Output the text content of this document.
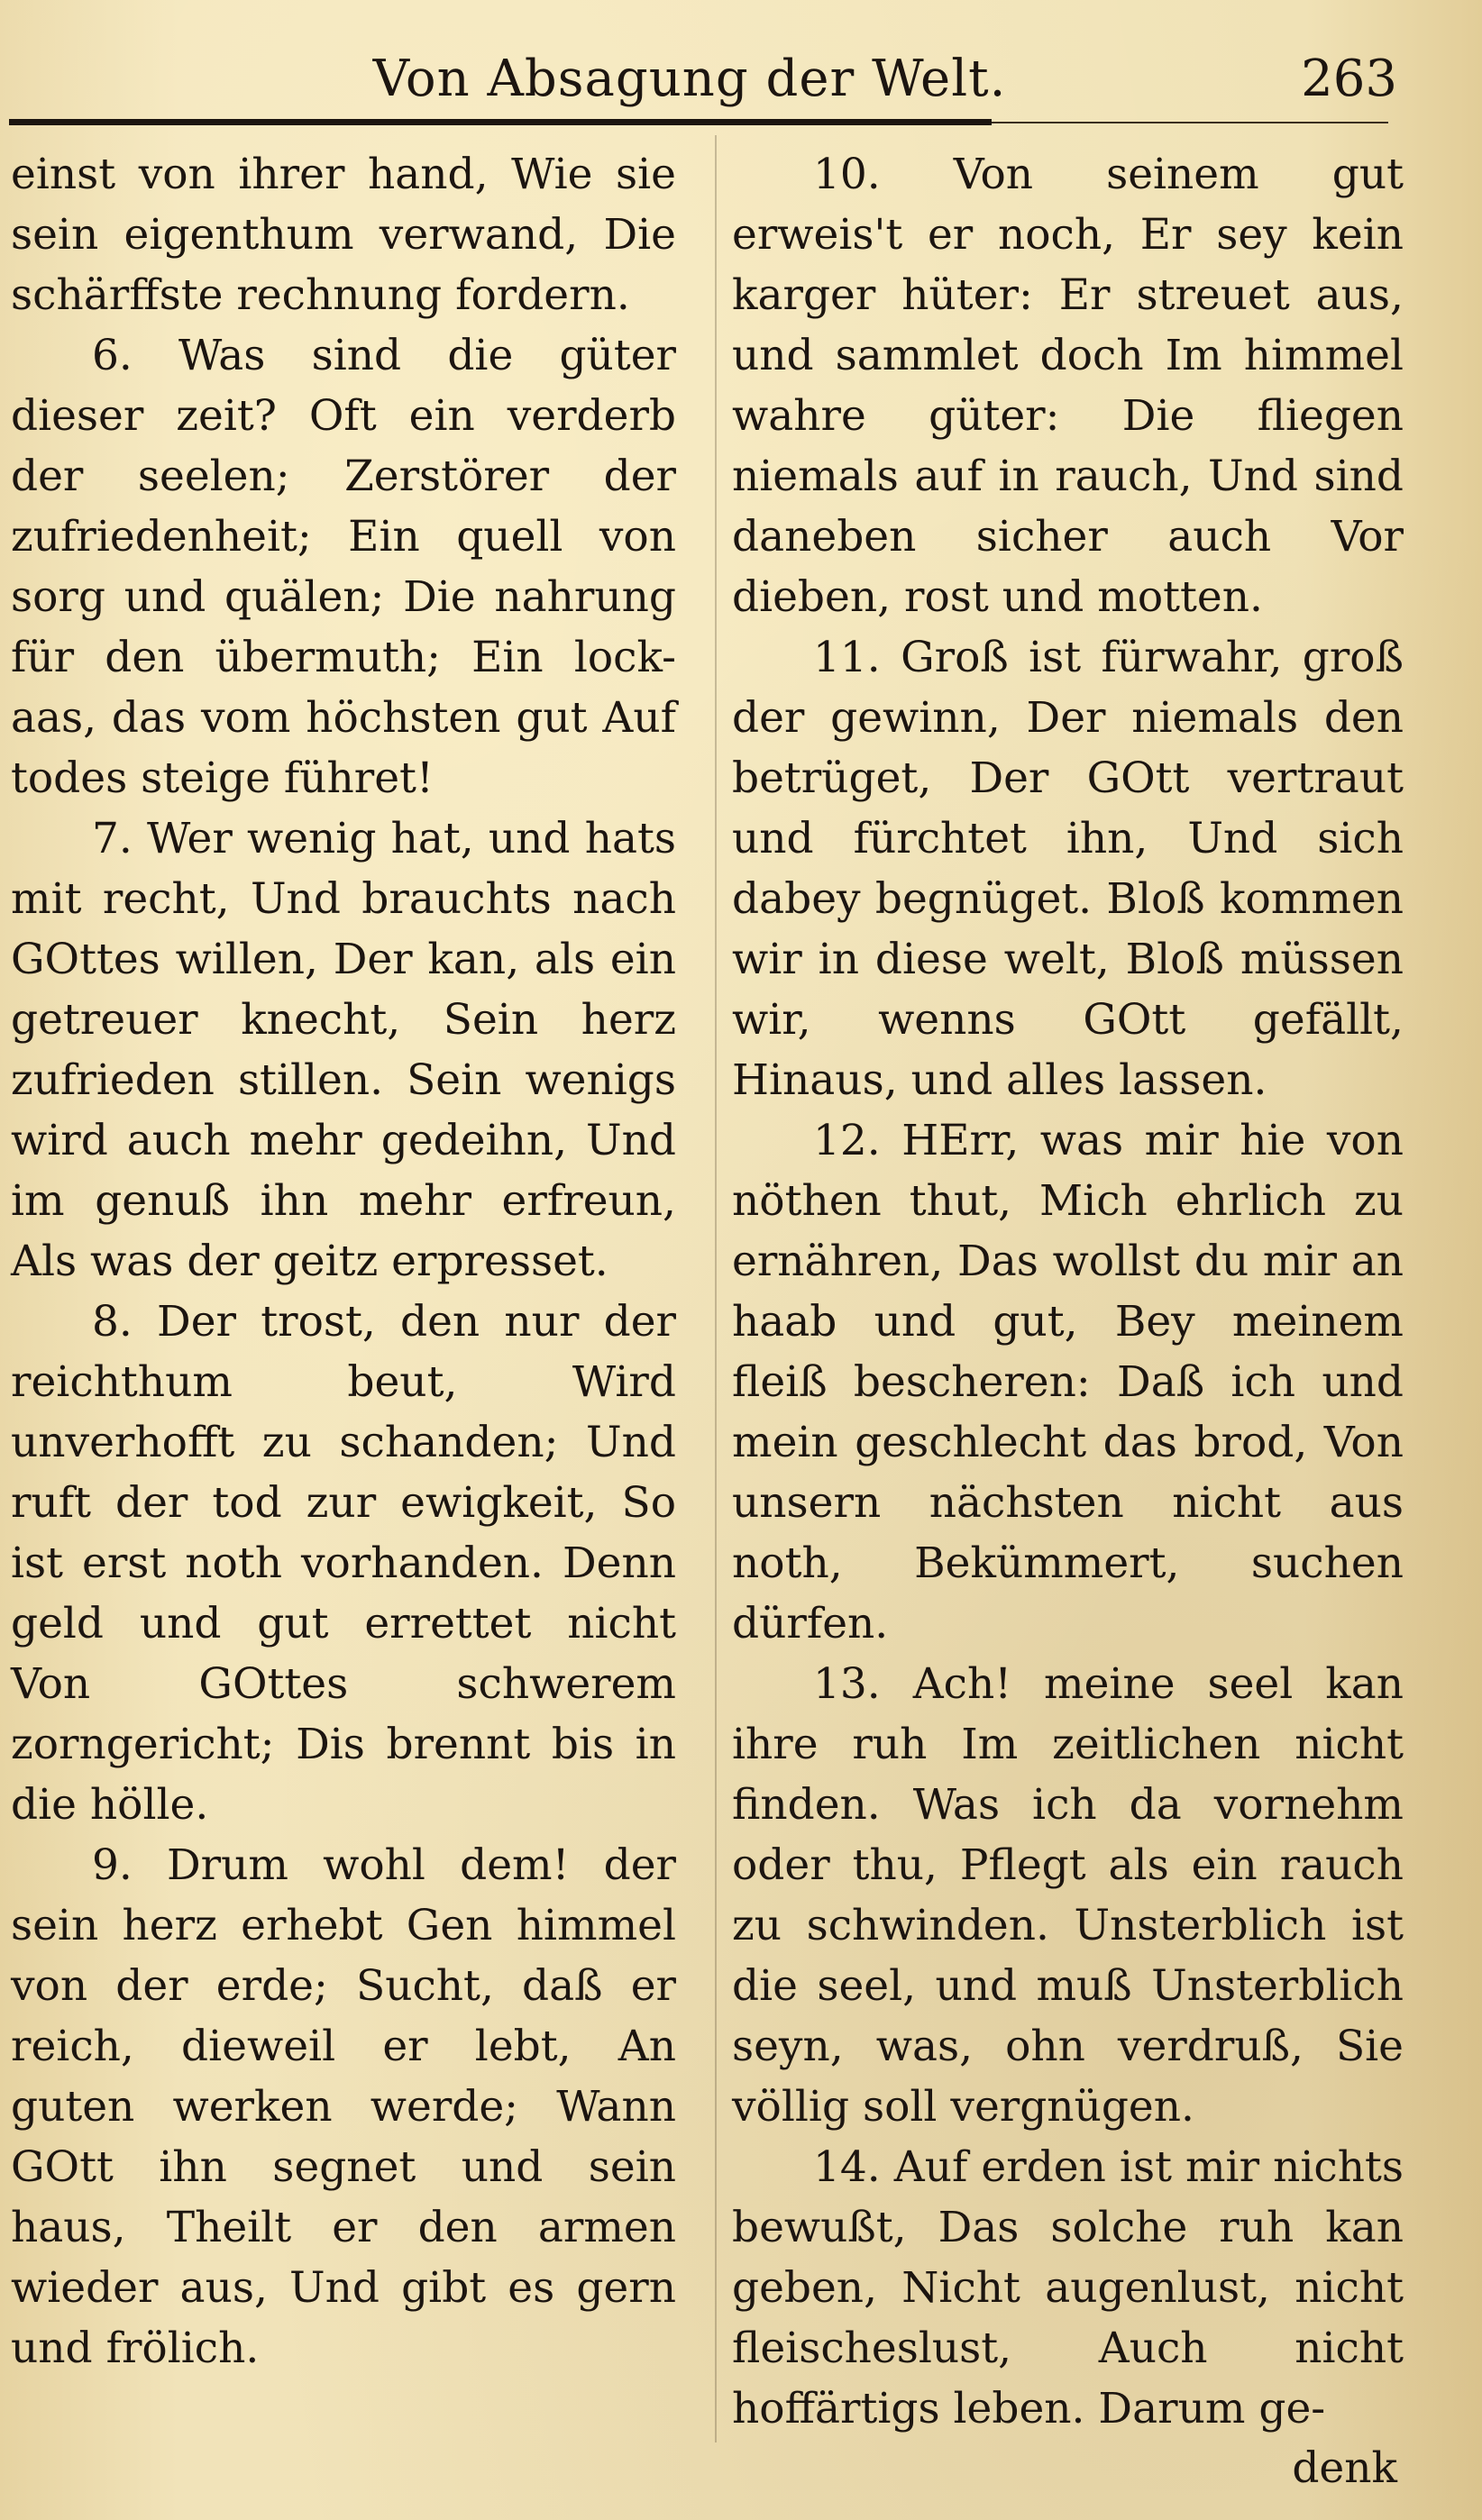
Von Absagung der Welt.	263

einst von ihrer hand, Wie sie sein eigenthum verwand, Die schärffste rechnung fordern.

6. Was sind die güter dieser zeit? Oft ein verderb der seelen; Zerstörer der zufriedenheit; Ein quell von sorg und quälen; Die nahrung für den übermuth; Ein lock-aas, das vom höchsten gut Auf todes steige führet!

7. Wer wenig hat, und hats mit recht, Und brauchts nach GOttes willen, Der kan, als ein getreuer knecht, Sein herz zufrieden stillen. Sein wenigs wird auch mehr gedeihn, Und im genuß ihn mehr erfreun, Als was der geitz erpresset.

8. Der trost, den nur der reichthum beut, Wird unverhofft zu schanden; Und ruft der tod zur ewigkeit, So ist erst noth vorhanden. Denn geld und gut errettet nicht Von GOttes schwerem zorngericht; Dis brennt bis in die hölle.

9. Drum wohl dem! der sein herz erhebt Gen himmel von der erde; Sucht, daß er reich, dieweil er lebt, An guten werken werde; Wann GOtt ihn segnet und sein haus, Theilt er den armen wieder aus, Und gibt es gern und frölich.

10. Von seinem gut erweis't er noch, Er sey kein karger hüter: Er streuet aus, und sammlet doch Im himmel wahre güter: Die fliegen niemals auf in rauch, Und sind daneben sicher auch Vor dieben, rost und motten.

11. Groß ist fürwahr, groß der gewinn, Der niemals den betrüget, Der GOtt vertraut und fürchtet ihn, Und sich dabey begnüget. Bloß kommen wir in diese welt, Bloß müssen wir, wenns GOtt gefällt, Hinaus, und alles lassen.

12. HErr, was mir hie von nöthen thut, Mich ehrlich zu ernähren, Das wollst du mir an haab und gut, Bey meinem fleiß bescheren: Daß ich und mein geschlecht das brod, Von unsern nächsten nicht aus noth, Bekümmert, suchen dürfen.

13. Ach! meine seel kan ihre ruh Im zeitlichen nicht finden. Was ich da vornehm oder thu, Pflegt als ein rauch zu schwinden. Unsterblich ist die seel, und muß Unsterblich seyn, was, ohn verdruß, Sie völlig soll vergnügen.

14. Auf erden ist mir nichts bewußt, Das solche ruh kan geben, Nicht augenlust, nicht fleischeslust, Auch nicht hoffärtigs leben. Darum ge-

denk
